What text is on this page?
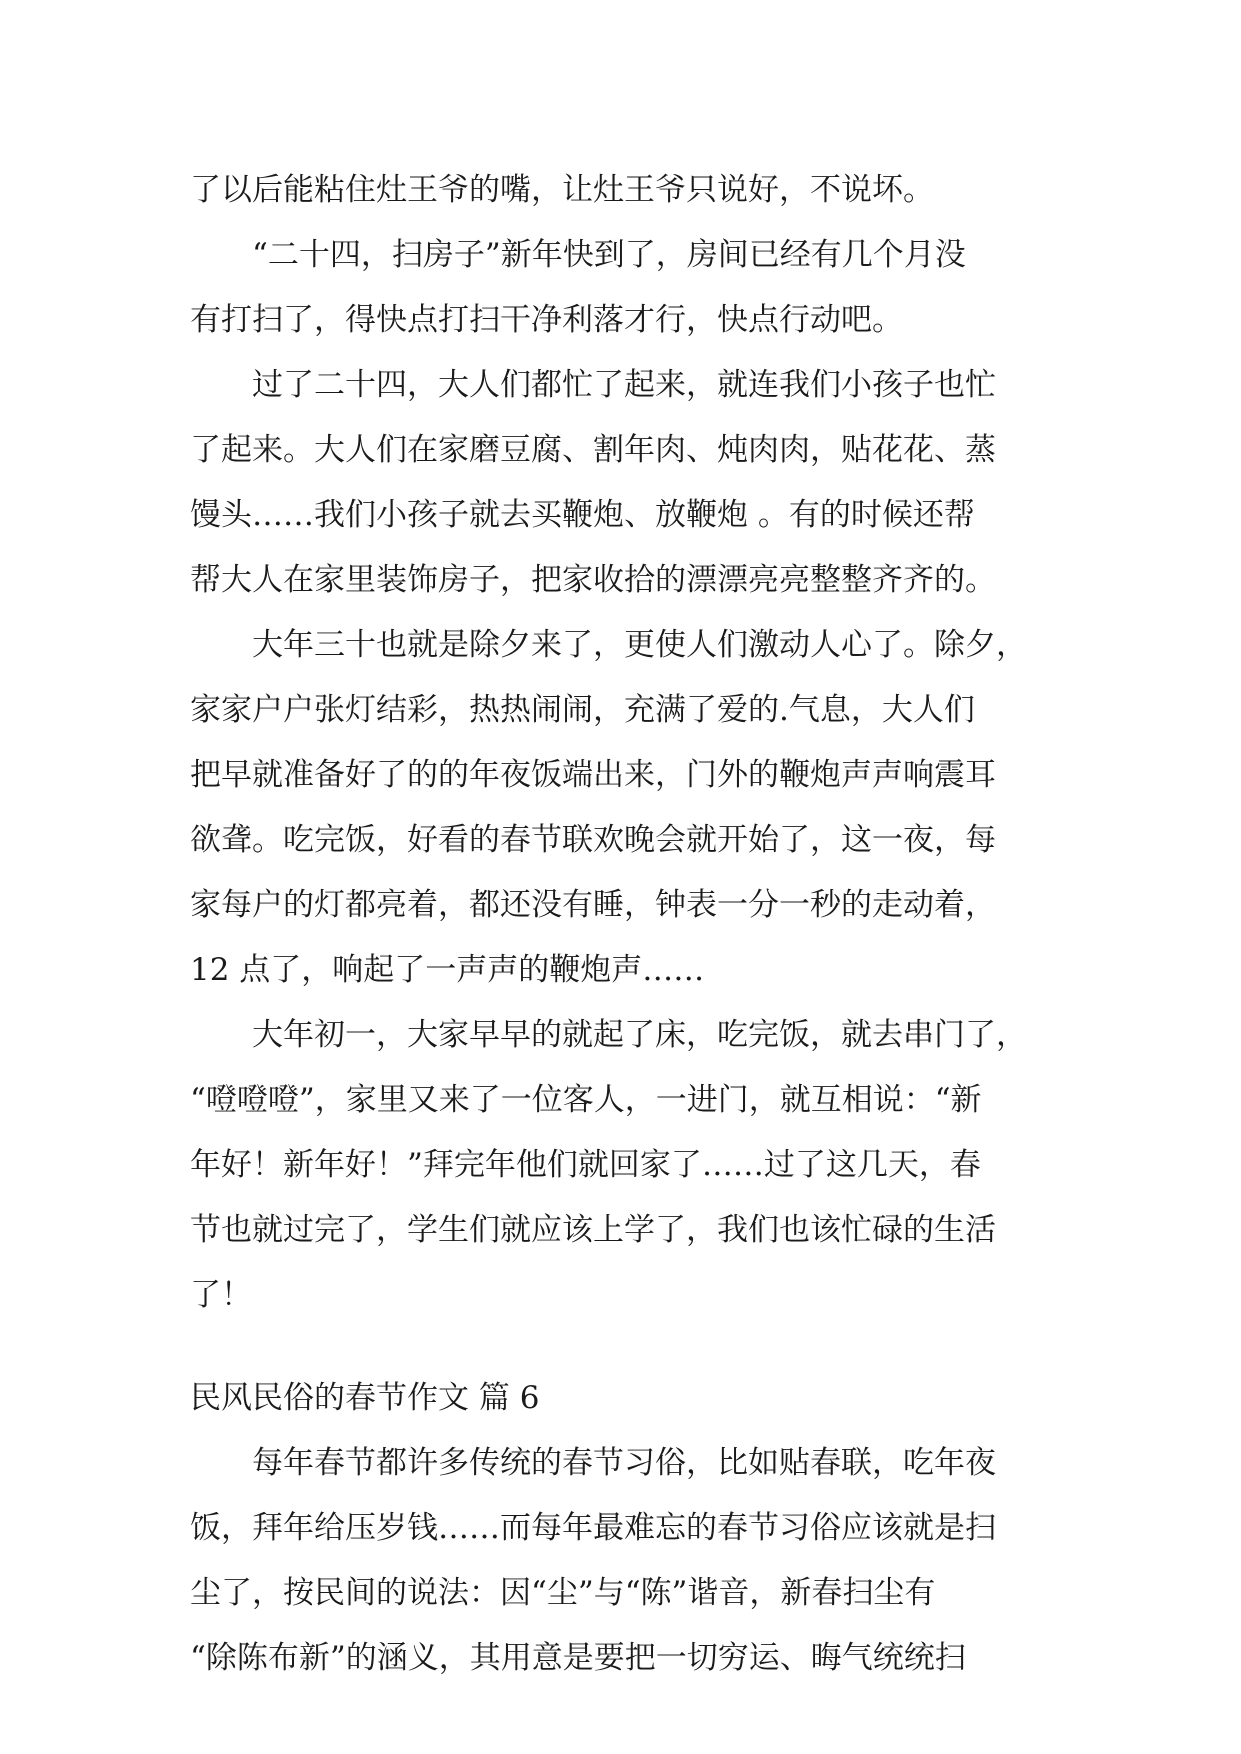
了以后能粘住灶王爷的嘴，让灶王爷只说好，不说坏。
“二十四，扫房子”新年快到了，房间已经有几个月没
有打扫了，得快点打扫干净利落才行，快点行动吧。
过了二十四，大人们都忙了起来，就连我们小孩子也忙
了起来。大人们在家磨豆腐、割年肉、炖肉肉，贴花花、蒸
馒头……我们小孩子就去买鞭炮、放鞭炮 。有的时候还帮
帮大人在家里装饰房子，把家收拾的漂漂亮亮整整齐齐的。
大年三十也就是除夕来了，更使人们激动人心了。除夕，
家家户户张灯结彩，热热闹闹，充满了爱的.气息，大人们
把早就准备好了的的年夜饭端出来，门外的鞭炮声声响震耳
欲聋。吃完饭，好看的春节联欢晚会就开始了，这一夜，每
家每户的灯都亮着，都还没有睡，钟表一分一秒的走动着，
12 点了，响起了一声声的鞭炮声……
大年初一，大家早早的就起了床，吃完饭，就去串门了，
“噔噔噔”，家里又来了一位客人，一进门，就互相说：“新
年好！新年好！”拜完年他们就回家了……过了这几天，春
节也就过完了，学生们就应该上学了，我们也该忙碌的生活
了！
民风民俗的春节作文 篇 6
每年春节都许多传统的春节习俗，比如贴春联，吃年夜
饭，拜年给压岁钱……而每年最难忘的春节习俗应该就是扫
尘了，按民间的说法：因“尘”与“陈”谐音，新春扫尘有
“除陈布新”的涵义，其用意是要把一切穷运、晦气统统扫
